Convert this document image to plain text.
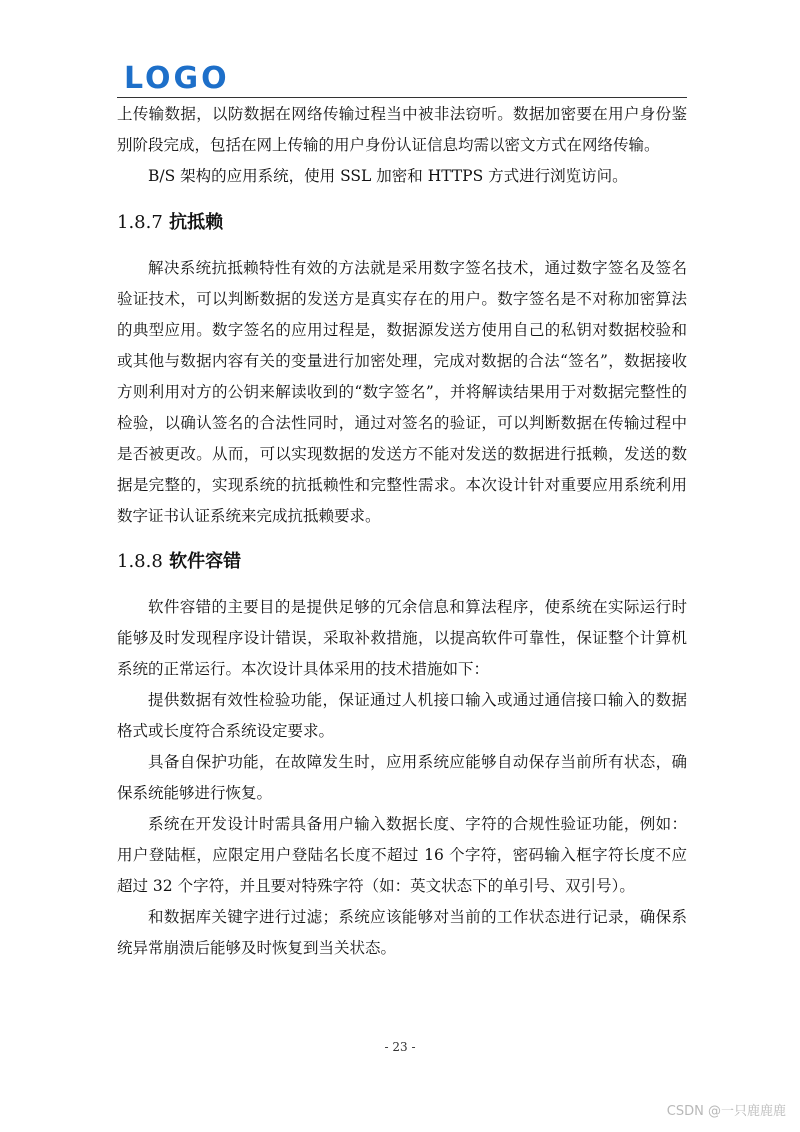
LOGO

上传输数据，以防数据在网络传输过程当中被非法窃听。数据加密要在用户身份鉴别阶段完成，包括在网上传输的用户身份认证信息均需以密文方式在网络传输。

B/S 架构的应用系统，使用 SSL 加密和 HTTPS 方式进行浏览访问。

1.8.7 抗抵赖

解决系统抗抵赖特性有效的方法就是采用数字签名技术，通过数字签名及签名验证技术，可以判断数据的发送方是真实存在的用户。数字签名是不对称加密算法的典型应用。数字签名的应用过程是，数据源发送方使用自己的私钥对数据校验和或其他与数据内容有关的变量进行加密处理，完成对数据的合法“签名”，数据接收方则利用对方的公钥来解读收到的“数字签名”，并将解读结果用于对数据完整性的检验，以确认签名的合法性同时，通过对签名的验证，可以判断数据在传输过程中是否被更改。从而，可以实现数据的发送方不能对发送的数据进行抵赖，发送的数据是完整的，实现系统的抗抵赖性和完整性需求。本次设计针对重要应用系统利用数字证书认证系统来完成抗抵赖要求。

1.8.8 软件容错

软件容错的主要目的是提供足够的冗余信息和算法程序，使系统在实际运行时能够及时发现程序设计错误，采取补救措施，以提高软件可靠性，保证整个计算机系统的正常运行。本次设计具体采用的技术措施如下：

提供数据有效性检验功能，保证通过人机接口输入或通过通信接口输入的数据格式或长度符合系统设定要求。

具备自保护功能，在故障发生时，应用系统应能够自动保存当前所有状态，确保系统能够进行恢复。

系统在开发设计时需具备用户输入数据长度、字符的合规性验证功能，例如：用户登陆框，应限定用户登陆名长度不超过 16 个字符，密码输入框字符长度不应超过 32 个字符，并且要对特殊字符（如：英文状态下的单引号、双引号）。

和数据库关键字进行过滤；系统应该能够对当前的工作状态进行记录，确保系统异常崩溃后能够及时恢复到当关状态。

- 23 -
CSDN @一只鹿鹿鹿
